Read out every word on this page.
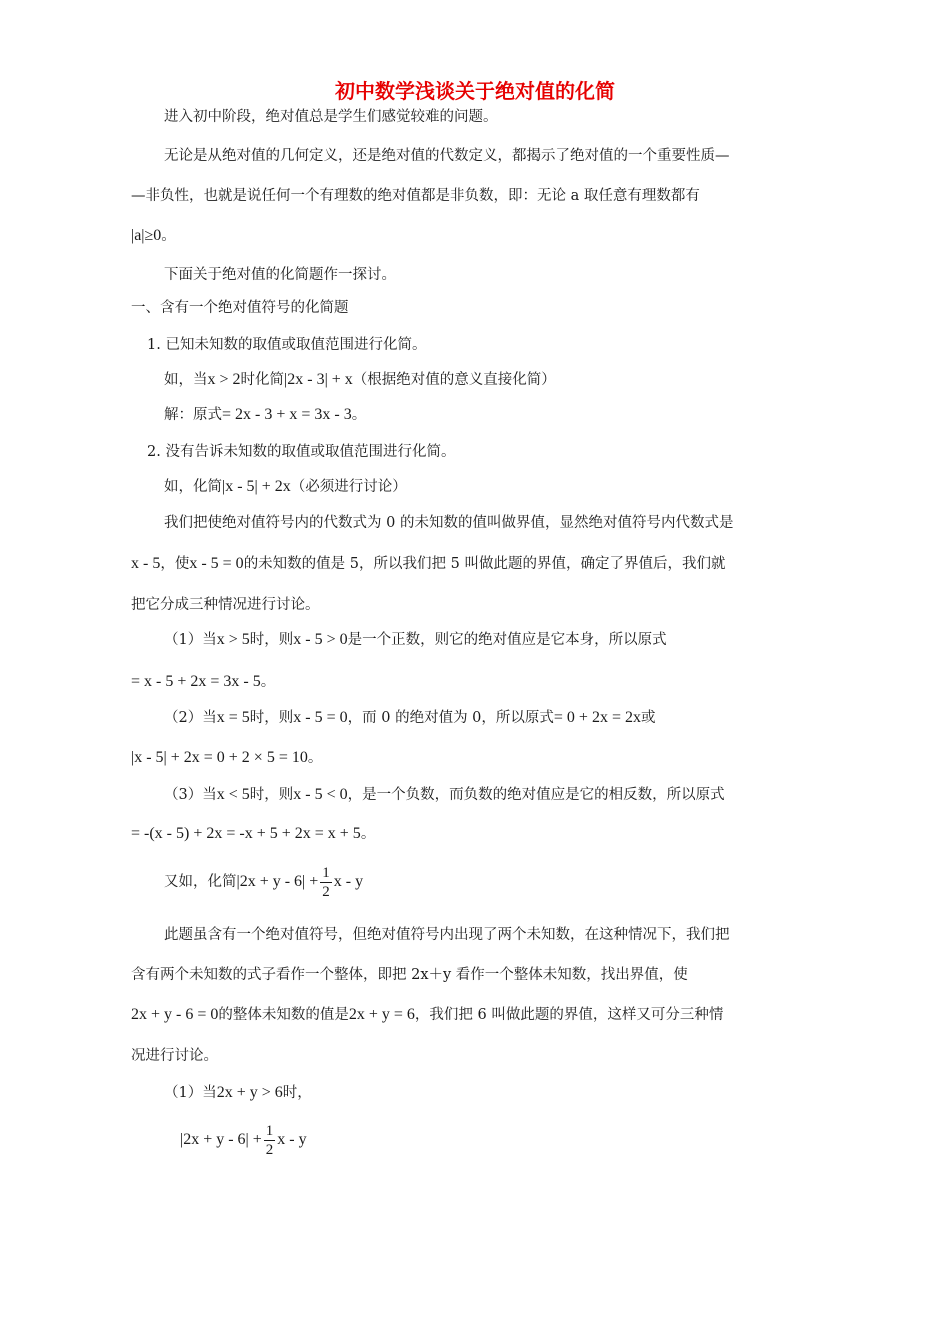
初中数学浅谈关于绝对值的化简
进入初中阶段，绝对值总是学生们感觉较难的问题。
无论是从绝对值的几何定义，还是绝对值的代数定义，都揭示了绝对值的一个重要性质—
—非负性，也就是说任何一个有理数的绝对值都是非负数，即：无论 a 取任意有理数都有
|a|≥0。
下面关于绝对值的化简题作一探讨。
一、含有一个绝对值符号的化简题
1. 已知未知数的取值或取值范围进行化简。
如，当x > 2时化简|2x - 3| + x（根据绝对值的意义直接化简）
解：原式= 2x - 3 + x = 3x - 3。
2. 没有告诉未知数的取值或取值范围进行化简。
如，化简|x - 5| + 2x（必须进行讨论）
我们把使绝对值符号内的代数式为 0 的未知数的值叫做界值，显然绝对值符号内代数式是
x - 5，使x - 5 = 0的未知数的值是 5，所以我们把 5 叫做此题的界值，确定了界值后，我们就
把它分成三种情况进行讨论。
（1）当x > 5时，则x - 5 > 0是一个正数，则它的绝对值应是它本身，所以原式
= x - 5 + 2x = 3x - 5。
（2）当x = 5时，则x - 5 = 0，而 0 的绝对值为 0，所以原式= 0 + 2x = 2x或
|x - 5| + 2x = 0 + 2 × 5 = 10。
（3）当x < 5时，则x - 5 < 0，是一个负数，而负数的绝对值应是它的相反数，所以原式
= -(x - 5) + 2x = -x + 5 + 2x = x + 5。
又如，化简$|2x + y - 6| + \frac{1}{2}$ x - y
此题虽含有一个绝对值符号，但绝对值符号内出现了两个未知数，在这种情况下，我们把
含有两个未知数的式子看作一个整体，即把 2x＋y 看作一个整体未知数，找出界值，使
2x + y - 6 = 0的整体未知数的值是2x + y = 6，我们把 6 叫做此题的界值，这样又可分三种情
况进行讨论。
（1）当2x + y > 6时，
$|2x + y - 6| + \frac{1}{2}$ x - y
